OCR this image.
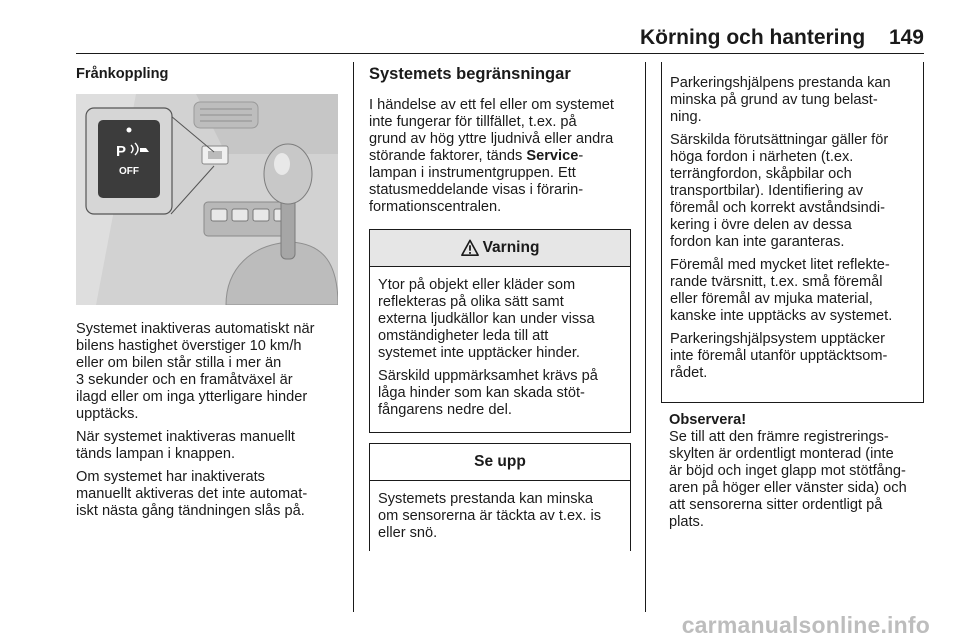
Körning och hantering	149
Frånkoppling
P
OFF

Systemet inaktiveras automatiskt när
bilens hastighet överstiger 10 km/h
eller om bilen står stilla i mer än
3 sekunder och en framåtväxel är
ilagd eller om inga ytterligare hinder
upptäcks.

När systemet inaktiveras manuellt
tänds lampan i knappen.

Om systemet har inaktiverats
manuellt aktiveras det inte automat-
iskt nästa gång tändningen slås på.

Systemets begränsningar
I händelse av ett fel eller om systemet
inte fungerar för tillfället, t.ex. på
grund av hög yttre ljudnivå eller andra
störande faktorer, tänds Service-
lampan i instrumentgruppen. Ett
statusmeddelande visas i förarin-
formationscentralen.
Varning

Ytor på objekt eller kläder som
reflekteras på olika sätt samt
externa ljudkällor kan under vissa
omständigheter leda till att
systemet inte upptäcker hinder.

Särskild uppmärksamhet krävs på
låga hinder som kan skada stöt-
fångarens nedre del.

Se upp

Systemets prestanda kan minska
om sensorerna är täckta av t.ex. is
eller snö.

Parkeringshjälpens prestanda kan
minska på grund av tung belast-
ning.

Särskilda förutsättningar gäller för
höga fordon i närheten (t.ex.
terrängfordon, skåpbilar och
transportbilar). Identifiering av
föremål och korrekt avståndsindi-
kering i övre delen av dessa
fordon kan inte garanteras.

Föremål med mycket litet reflekte-
rande tvärsnitt, t.ex. små föremål
eller föremål av mjuka material,
kanske inte upptäcks av systemet.

Parkeringshjälpsystem upptäcker
inte föremål utanför upptäcktsom-
rådet.

Observera!
Se till att den främre registrerings-
skylten är ordentligt monterad (inte
är böjd och inget glapp mot stötfång-
aren på höger eller vänster sida) och
att sensorerna sitter ordentligt på
plats.
carmanualsonline.info
